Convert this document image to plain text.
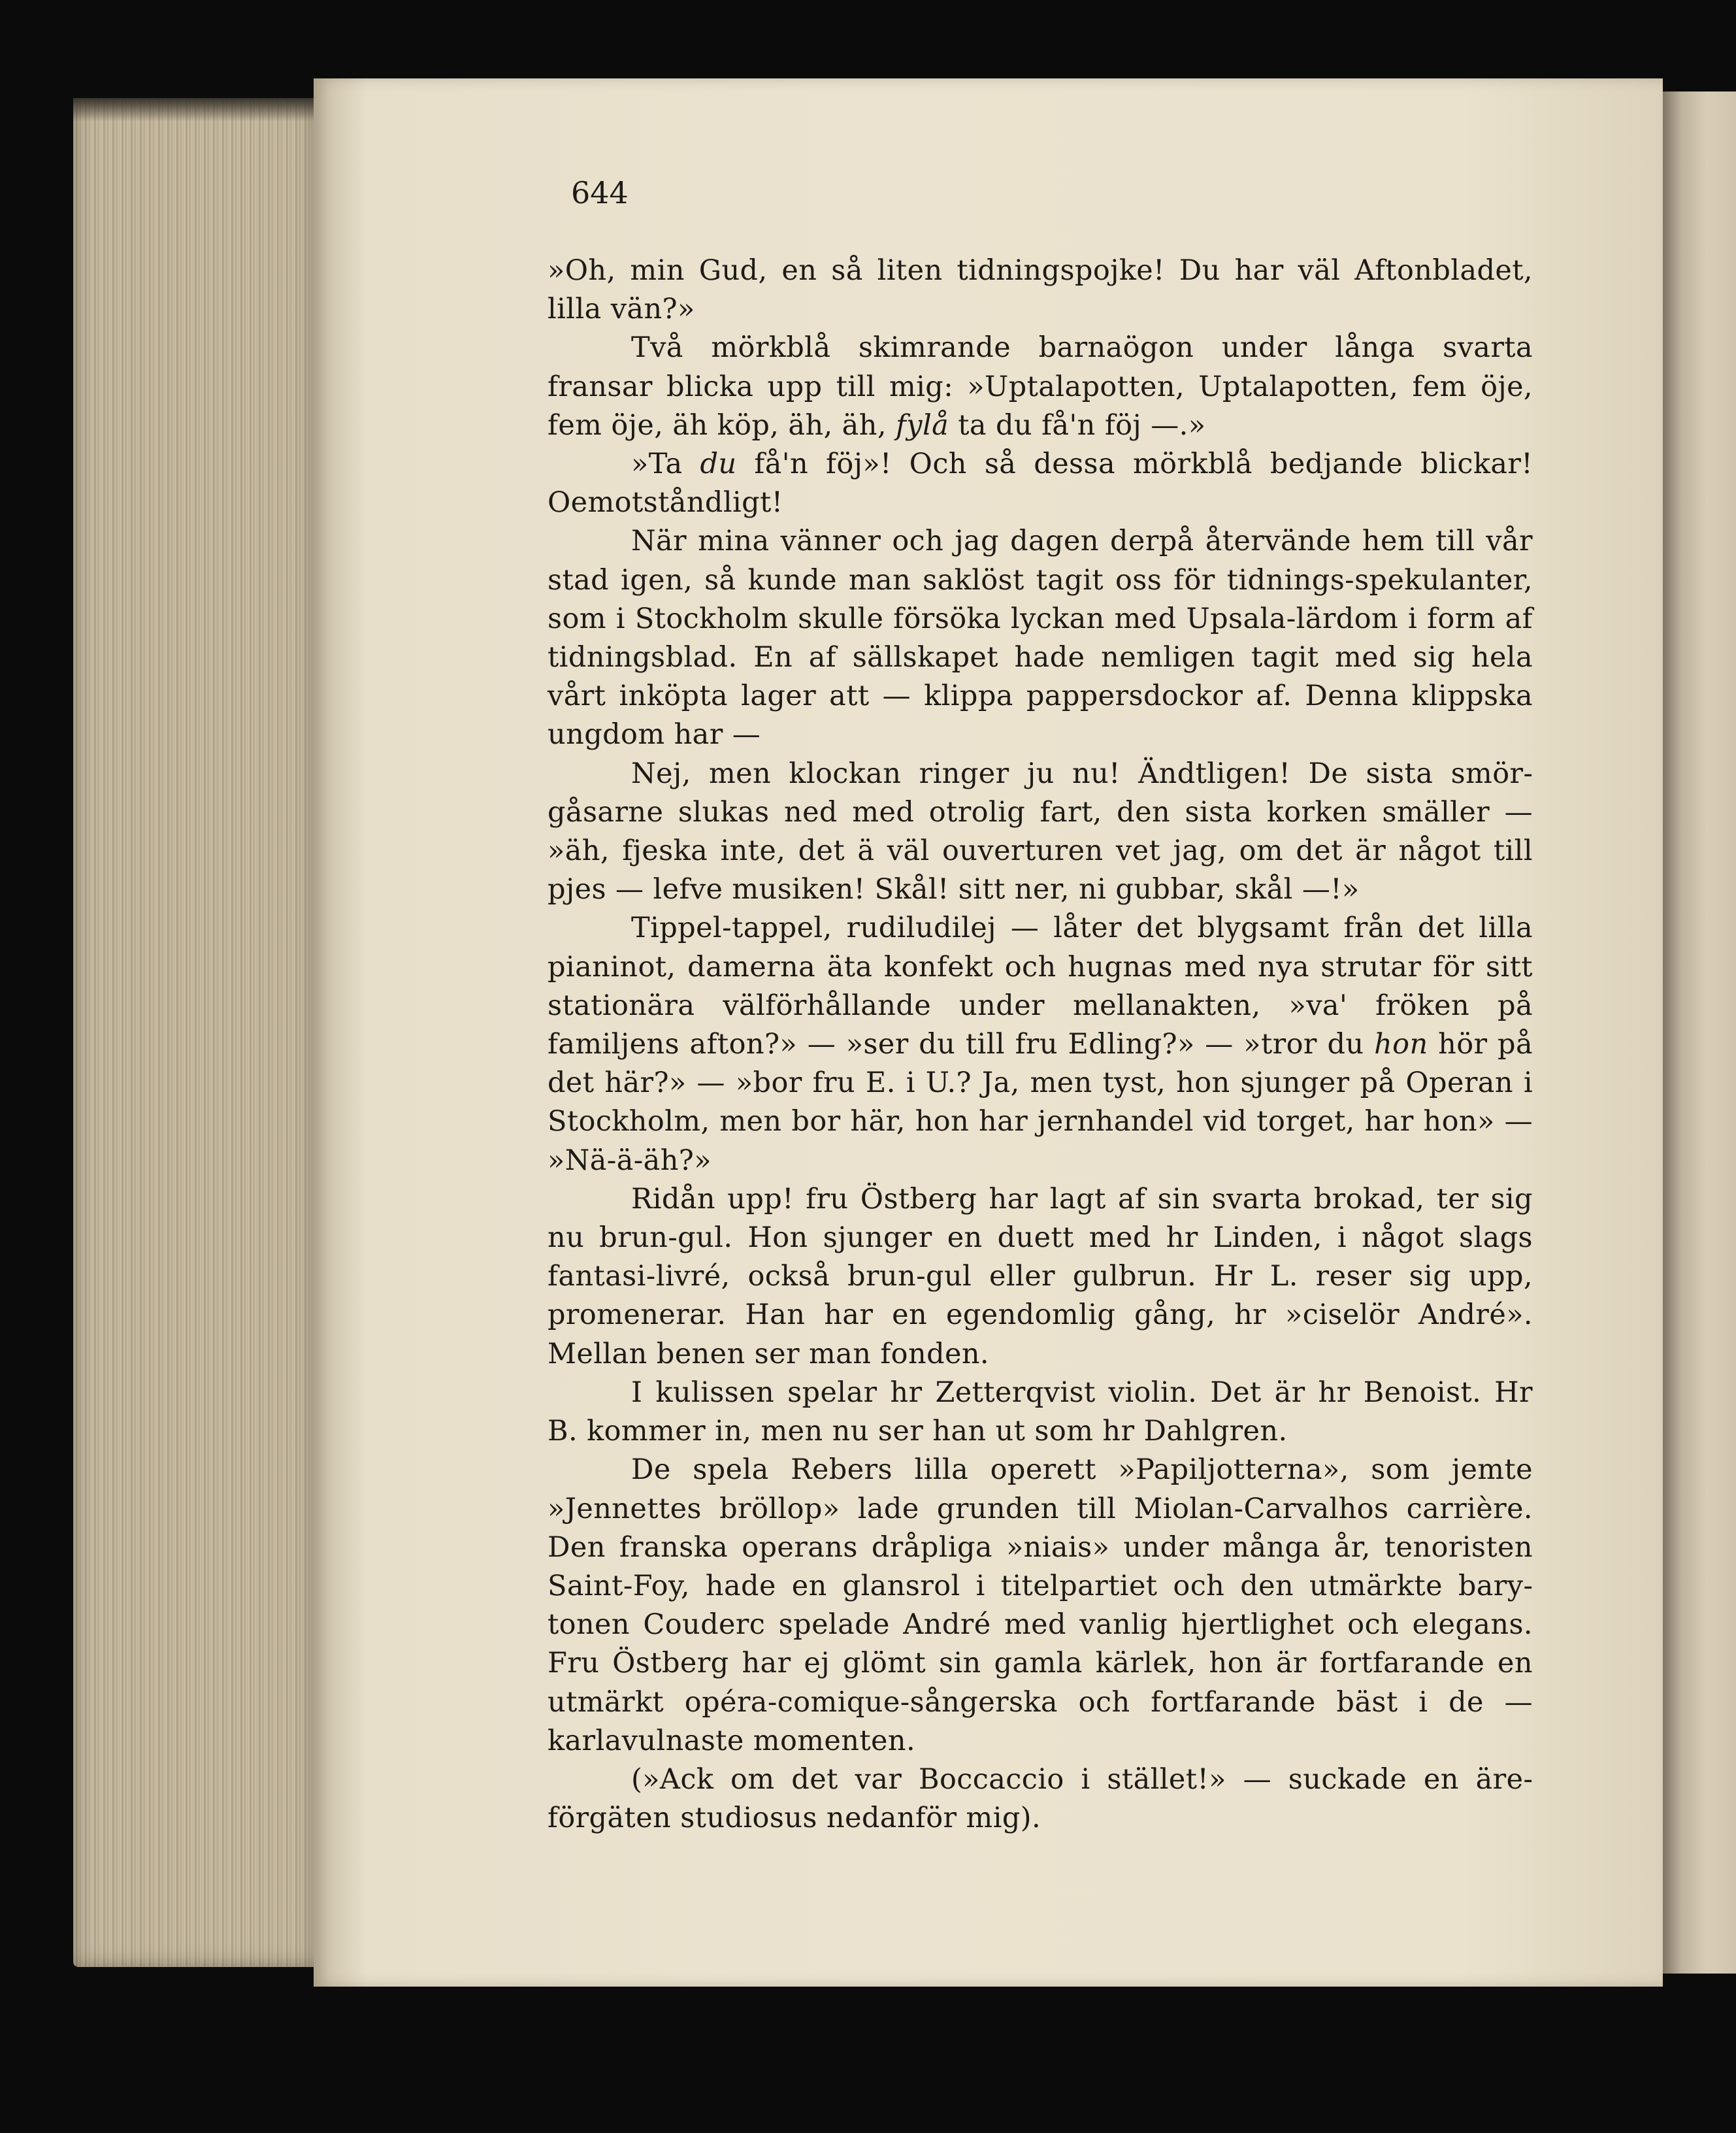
644

»Oh, min Gud, en så liten tidningspojke! Du har väl Aftonbladet, lilla vän?»

Två mörkblå skimrande barnaögon under långa svarta fransar blicka upp till mig: »Uptalapotten, Uptalapotten, fem öje, fem öje, äh köp, äh, äh, fylå ta du få'n föj —.»

»Ta du få'n föj»! Och så dessa mörkblå bedjande blickar! Oemotståndligt!

När mina vänner och jag dagen derpå återvände hem till vår stad igen, så kunde man saklöst tagit oss för tidnings-spekulanter, som i Stockholm skulle försöka lyckan med Upsala-lärdom i form af tidningsblad. En af sällskapet hade nemligen tagit med sig hela vårt inköpta lager att — klippa pappersdockor af. Denna klippska ungdom har —

Nej, men klockan ringer ju nu! Ändtligen! De sista smörgåsarne slukas ned med otrolig fart, den sista korken smäller — »äh, fjeska inte, det ä väl ouverturen vet jag, om det är något till pjes — lefve musiken! Skål! sitt ner, ni gubbar, skål —!»

Tippel-tappel, rudiludilej — låter det blygsamt från det lilla pianinot, damerna äta konfekt och hugnas med nya strutar för sitt stationära välförhållande under mellanakten, »va' fröken på familjens afton?» — »ser du till fru Edling?» — »tror du hon hör på det här?» — »bor fru E. i U.? Ja, men tyst, hon sjunger på Operan i Stockholm, men bor här, hon har jernhandel vid torget, har hon» — »Nä-ä-äh?»

Ridån upp! fru Östberg har lagt af sin svarta brokad, ter sig nu brun-gul. Hon sjunger en duett med hr Linden, i något slags fantasi-livré, också brun-gul eller gulbrun. Hr L. reser sig upp, promenerar. Han har en egendomlig gång, hr »ciselör André». Mellan benen ser man fonden.

I kulissen spelar hr Zetterqvist violin. Det är hr Benoist. Hr B. kommer in, men nu ser han ut som hr Dahlgren.

De spela Rebers lilla operett »Papiljotterna», som jemte »Jennettes bröllop» lade grunden till Miolan-Carvalhos carrière. Den franska operans dråpliga »niais» under många år, tenoristen Saint-Foy, hade en glansrol i titelpartiet och den utmärkte barytonen Couderc spelade André med vanlig hjertlighet och elegans. Fru Östberg har ej glömt sin gamla kärlek, hon är fortfarande en utmärkt opéra-comique-sångerska och fortfarande bäst i de — karlavulnaste momenten.

(»Ack om det var Boccaccio i stället!» — suckade en äreförgäten studiosus nedanför mig).
